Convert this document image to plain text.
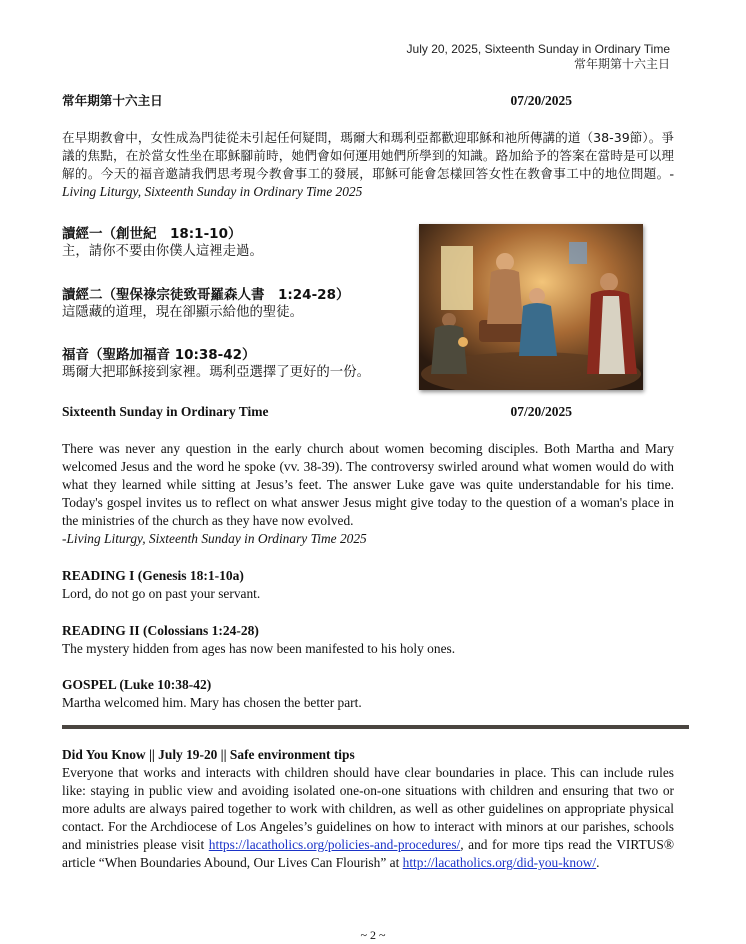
July 20, 2025, Sixteenth Sunday in Ordinary Time
常年期第十六主日
常年期第十六主日	07/20/2025

在早期教會中，女性成為門徒從未引起任何疑問，瑪爾大和瑪利亞都歡迎耶穌和祂所傳講的道（38-39節）。爭議的焦點，在於當女性坐在耶穌腳前時，她們會如何運用她們所學到的知識。路加給予的答案在當時是可以理解的。今天的福音邀請我們思考現今教會事工的發展，耶穌可能會怎樣回答女性在教會事工中的地位問題。-Living Liturgy, Sixteenth Sunday in Ordinary Time 2025

讀經一（創世紀　18:1-10）
主，請你不要由你僕人這裡走過。
讀經二（聖保祿宗徒致哥羅森人書　1:24-28）
這隱藏的道理，現在卻顯示給他的聖徒。
福音（聖路加福音 10:38-42）
瑪爾大把耶穌接到家裡。瑪利亞選擇了更好的一份。
Sixteenth Sunday in Ordinary Time	07/20/2025

There was never any question in the early church about women becoming disciples. Both Martha and Mary welcomed Jesus and the word he spoke (vv. 38-39). The controversy swirled around what women would do with what they learned while sitting at Jesus’s feet. The answer Luke gave was quite understandable for his time. Today's gospel invites us to reflect on what answer Jesus might give today to the question of a woman's place in the ministries of the church as they have now evolved.
-Living Liturgy, Sixteenth Sunday in Ordinary Time 2025

READING I (Genesis 18:1-10a)
Lord, do not go on past your servant.
READING II (Colossians 1:24-28)
The mystery hidden from ages has now been manifested to his holy ones.
GOSPEL (Luke 10:38-42)
Martha welcomed him. Mary has chosen the better part.
Did You Know || July 19-20 || Safe environment tips
Everyone that works and interacts with children should have clear boundaries in place. This can include rules like: staying in public view and avoiding isolated one-on-one situations with children and ensuring that two or more adults are always paired together to work with children, as well as other guidelines on appropriate physical contact. For the Archdiocese of Los Angeles’s guidelines on how to interact with minors at our parishes, schools and ministries please visit https://lacatholics.org/policies-and-procedures/, and for more tips read the VIRTUS® article “When Boundaries Abound, Our Lives Can Flourish” at http://lacatholics.org/did-you-know/.
~ 2 ~
